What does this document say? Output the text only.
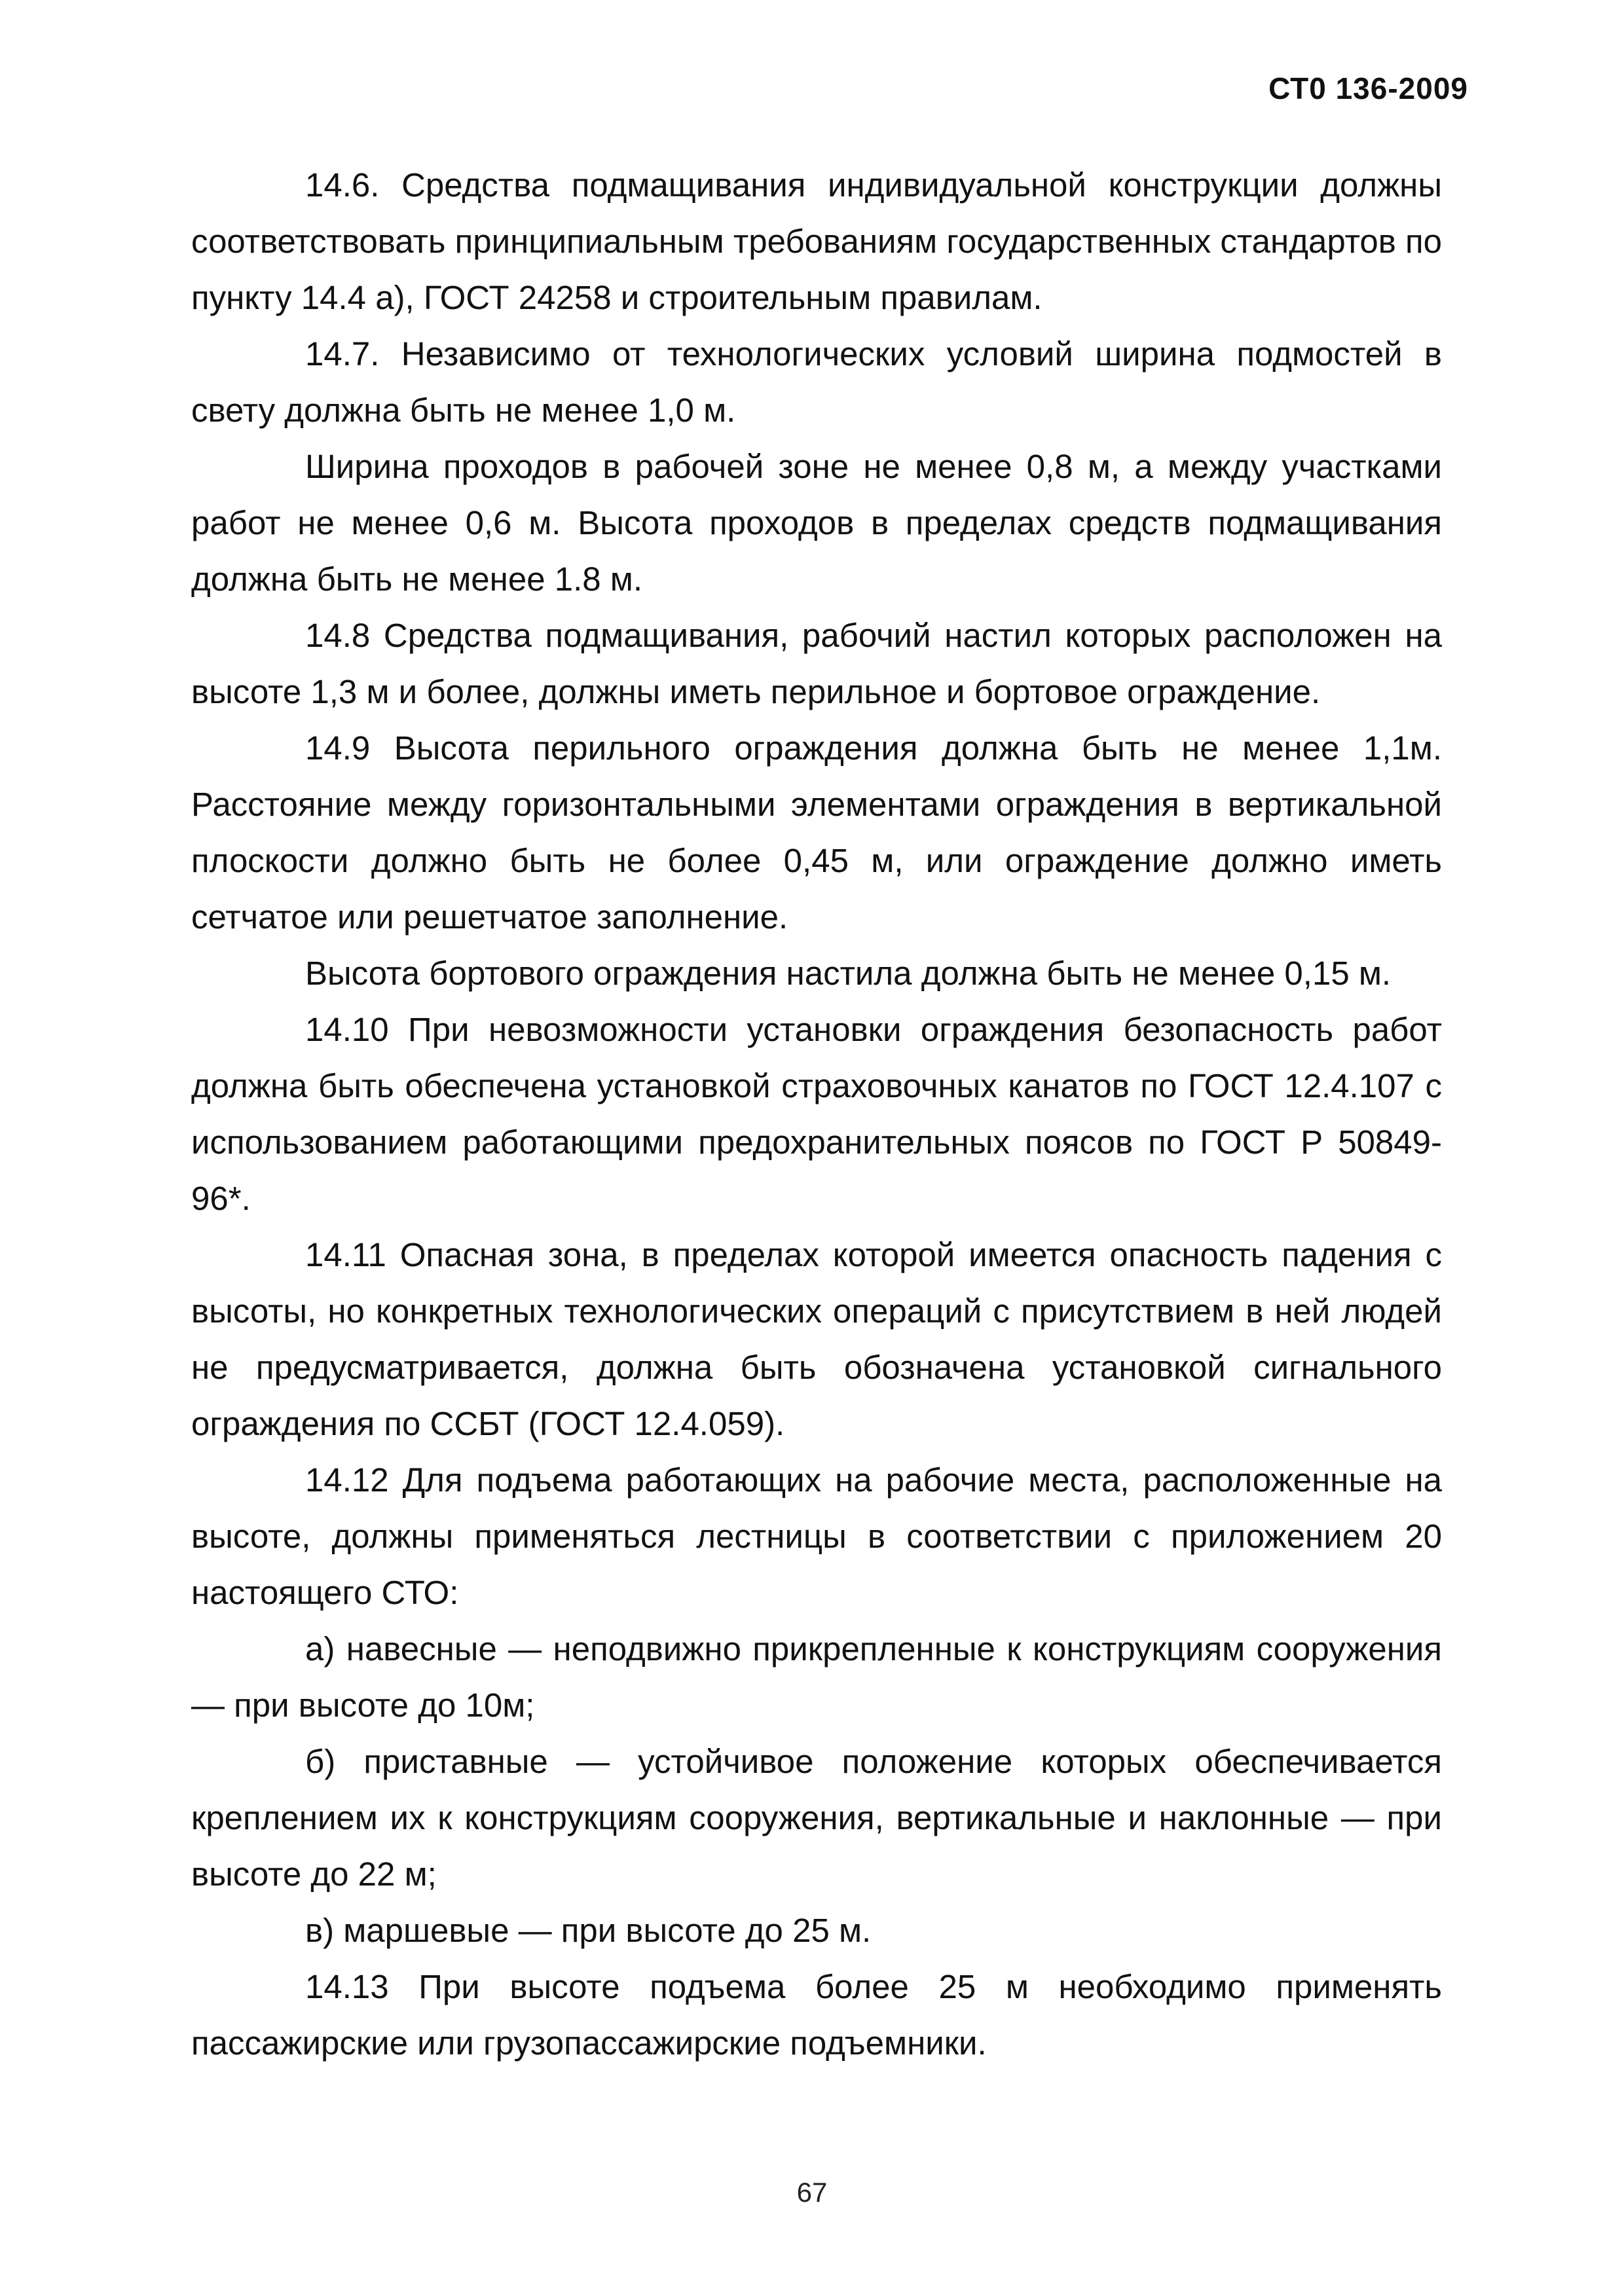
СТ0 136-2009

14.6. Средства подмащивания индивидуальной конструкции должны соответствовать принципиальным требованиям государственных стандартов по пункту 14.4 а), ГОСТ 24258 и строительным правилам.

14.7. Независимо от технологических условий ширина подмостей в свету должна быть не менее 1,0 м.

Ширина проходов в рабочей зоне не менее 0,8 м, а между участками работ не менее 0,6 м. Высота проходов в пределах средств подмащивания должна быть не менее 1.8 м.

14.8 Средства подмащивания, рабочий настил которых расположен на высоте 1,3 м и более, должны иметь перильное и бортовое ограждение.

14.9 Высота перильного ограждения должна быть не менее 1,1м. Расстояние между горизонтальными элементами ограждения в вертикальной плоскости должно быть не более 0,45 м, или ограждение должно иметь сетчатое или решетчатое заполнение.

Высота бортового ограждения настила должна быть не менее 0,15 м.

14.10 При невозможности установки ограждения безопасность работ должна быть обеспечена установкой страховочных канатов по ГОСТ 12.4.107 с использованием работающими предохранительных поясов по ГОСТ Р 50849-96*.

14.11 Опасная зона, в пределах которой имеется опасность падения с высоты, но конкретных технологических операций с присутствием в ней людей не предусматривается, должна быть обозначена установкой сигнального ограждения по ССБТ (ГОСТ 12.4.059).

14.12 Для подъема работающих на рабочие места, расположенные на высоте, должны применяться лестницы в соответствии с приложением 20 настоящего СТО:

а) навесные — неподвижно прикрепленные к конструкциям сооружения — при высоте до 10м;

б) приставные — устойчивое положение которых обеспечивается креплением их к конструкциям сооружения, вертикальные и наклонные — при высоте до 22 м;

в) маршевые — при высоте до 25 м.

14.13 При высоте подъема более 25 м необходимо применять пассажирские или грузопассажирские подъемники.

67
